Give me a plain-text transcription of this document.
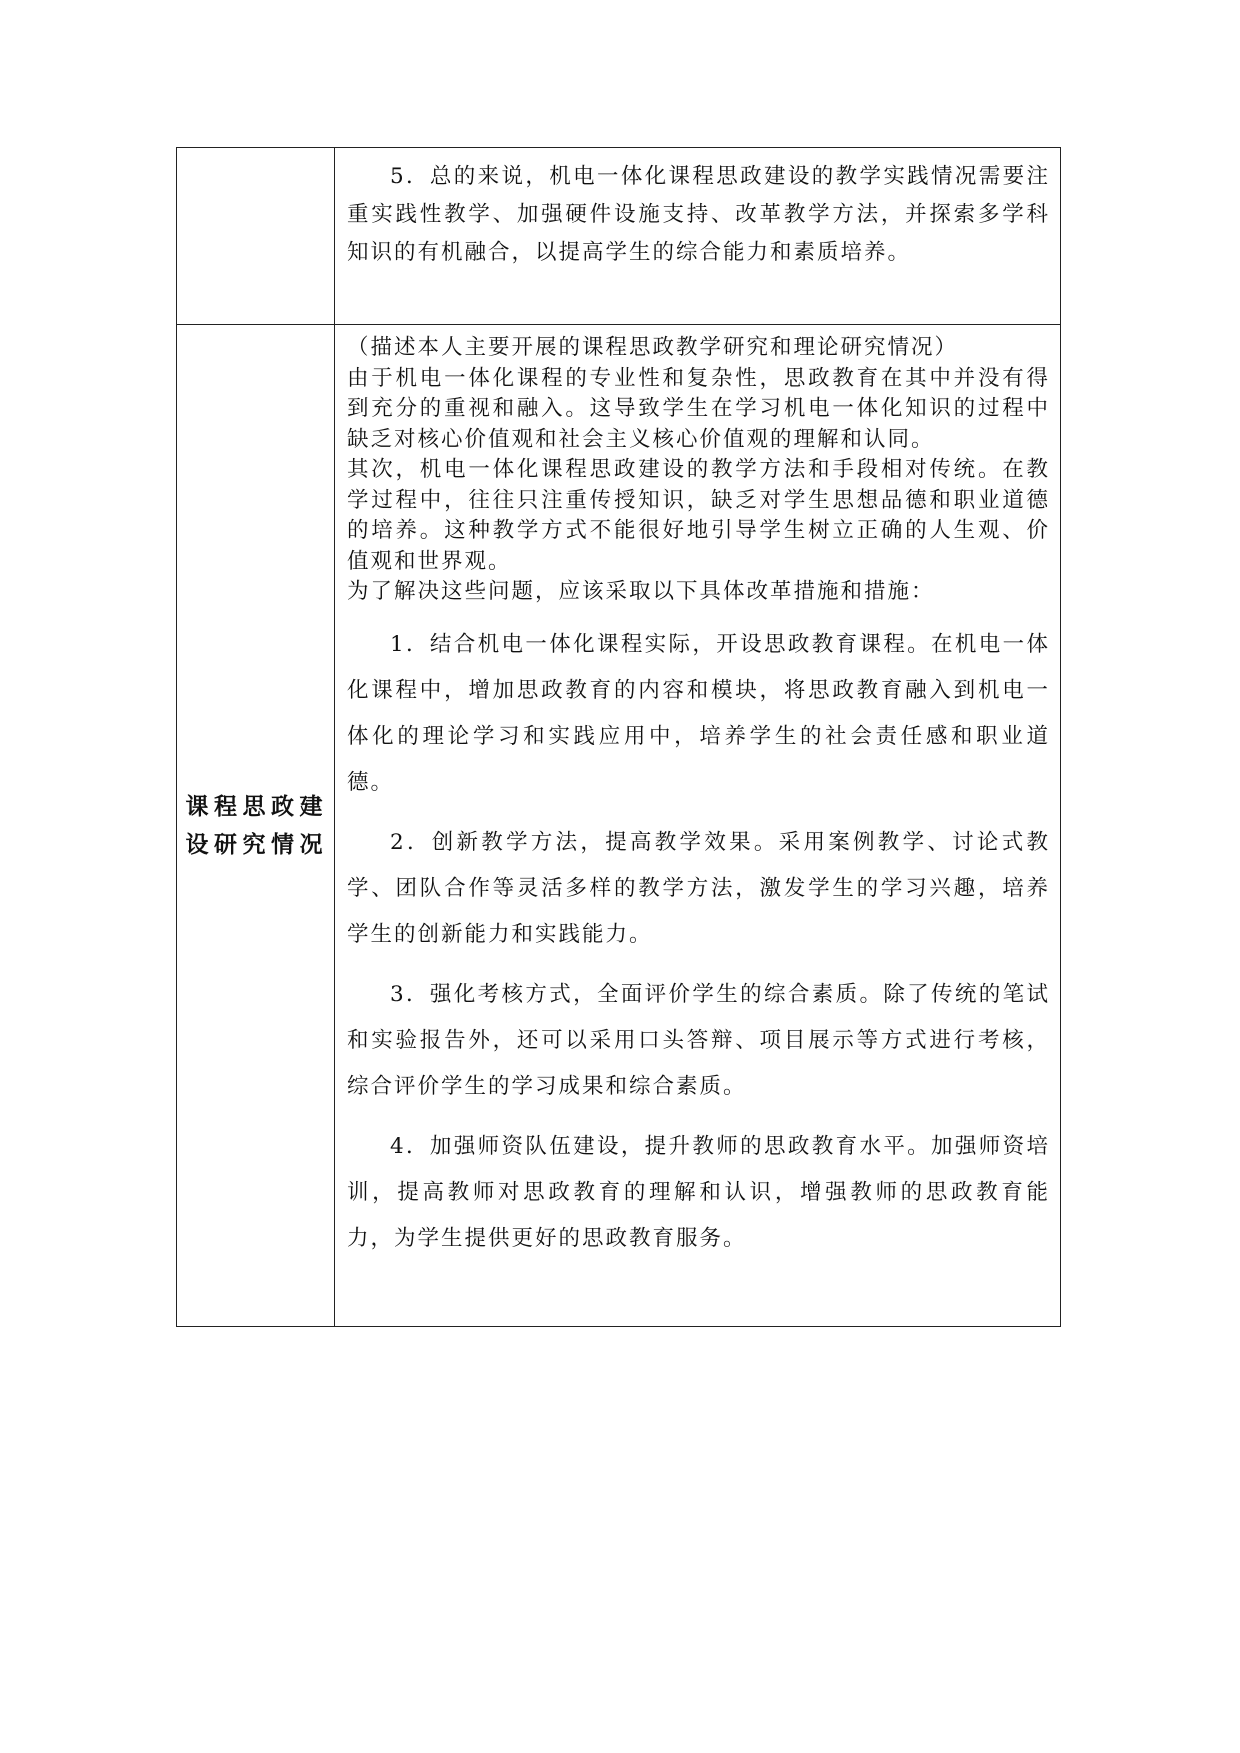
5．总的来说，机电一体化课程思政建设的教学实践情况需要注重实践性教学、加强硬件设施支持、改革教学方法，并探索多学科知识的有机融合，以提高学生的综合能力和素质培养。

课程思政建设研究情况

（描述本人主要开展的课程思政教学研究和理论研究情况）

由于机电一体化课程的专业性和复杂性，思政教育在其中并没有得到充分的重视和融入。这导致学生在学习机电一体化知识的过程中缺乏对核心价值观和社会主义核心价值观的理解和认同。

其次，机电一体化课程思政建设的教学方法和手段相对传统。在教学过程中，往往只注重传授知识，缺乏对学生思想品德和职业道德的培养。这种教学方式不能很好地引导学生树立正确的人生观、价值观和世界观。

为了解决这些问题，应该采取以下具体改革措施和措施：

1．结合机电一体化课程实际，开设思政教育课程。在机电一体化课程中，增加思政教育的内容和模块，将思政教育融入到机电一体化的理论学习和实践应用中，培养学生的社会责任感和职业道德。

2．创新教学方法，提高教学效果。采用案例教学、讨论式教学、团队合作等灵活多样的教学方法，激发学生的学习兴趣，培养学生的创新能力和实践能力。

3．强化考核方式，全面评价学生的综合素质。除了传统的笔试和实验报告外，还可以采用口头答辩、项目展示等方式进行考核，综合评价学生的学习成果和综合素质。

4．加强师资队伍建设，提升教师的思政教育水平。加强师资培训，提高教师对思政教育的理解和认识，增强教师的思政教育能力，为学生提供更好的思政教育服务。
